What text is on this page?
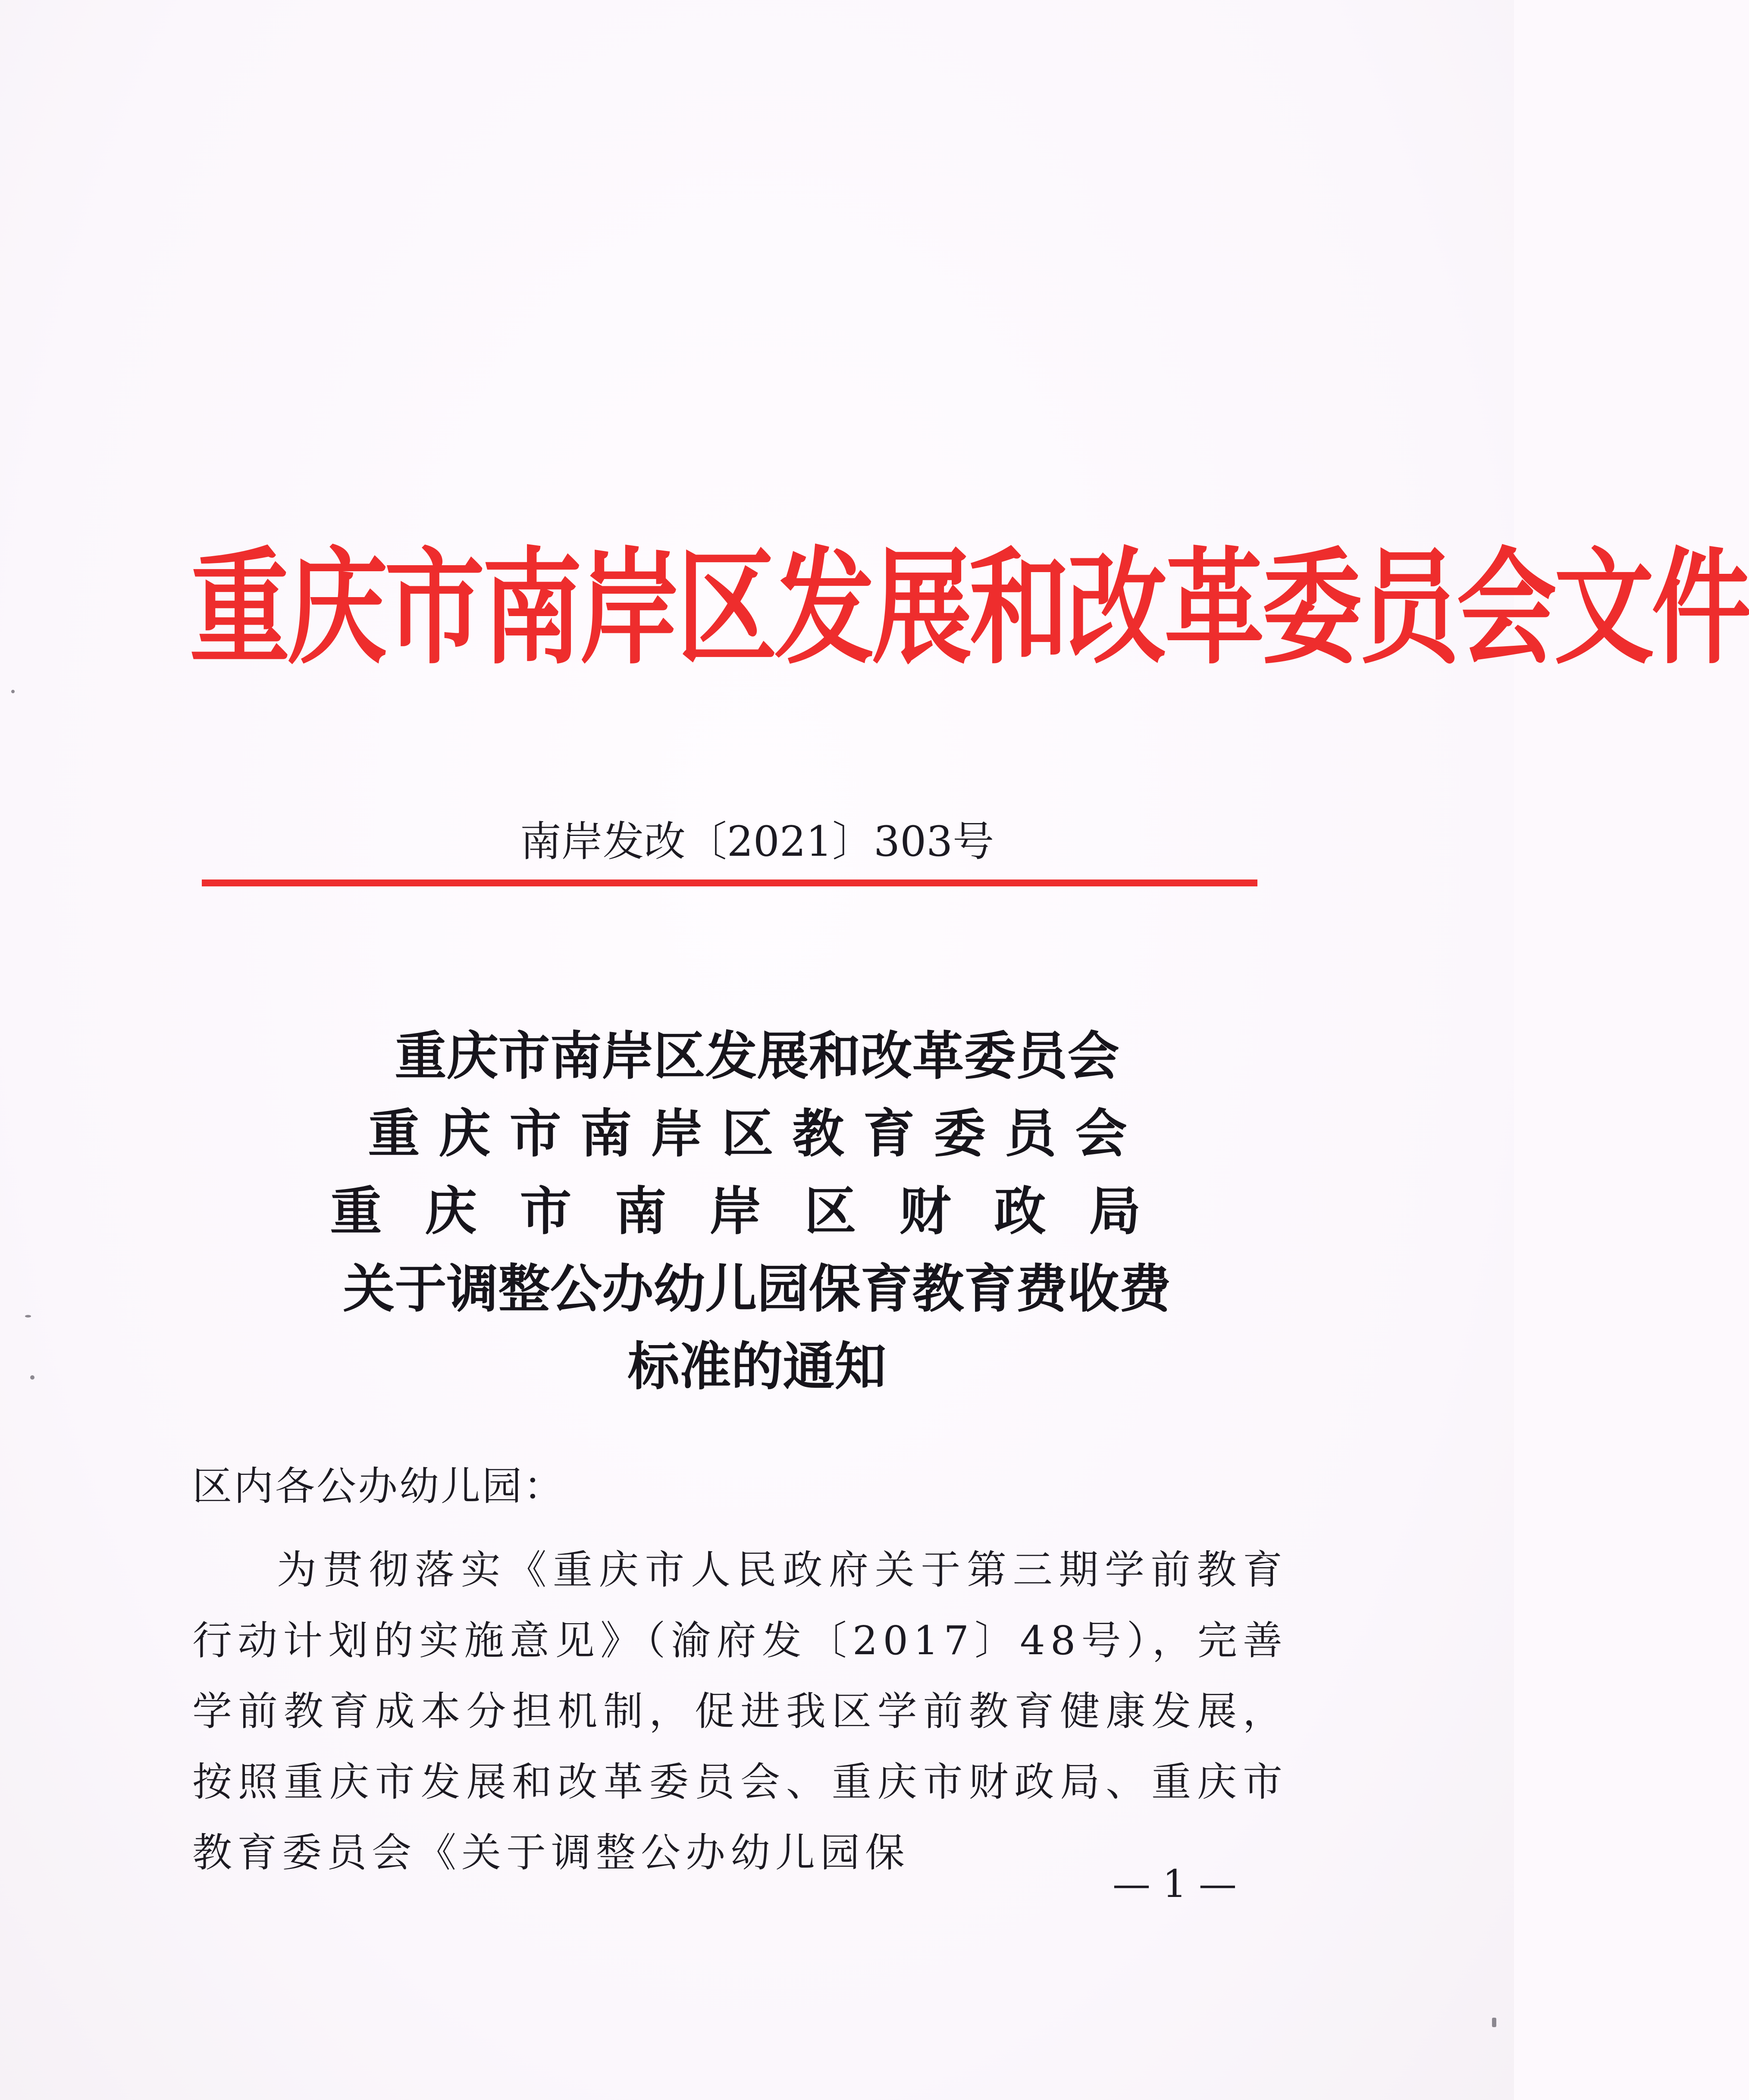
重庆市南岸区发展和改革委员会文件
南岸发改〔2021〕303号
重庆市南岸区发展和改革委员会
重庆市南岸区教育委员会
重庆市南岸区财政局
关于调整公办幼儿园保育教育费收费
标准的通知
区内各公办幼儿园：

为贯彻落实《重庆市人民政府关于第三期学前教育行动计划的实施意见》（渝府发〔2017〕48号），完善学前教育成本分担机制，促进我区学前教育健康发展，按照重庆市发展和改革委员会、重庆市财政局、重庆市教育委员会《关于调整公办幼儿园保

— 1 —
